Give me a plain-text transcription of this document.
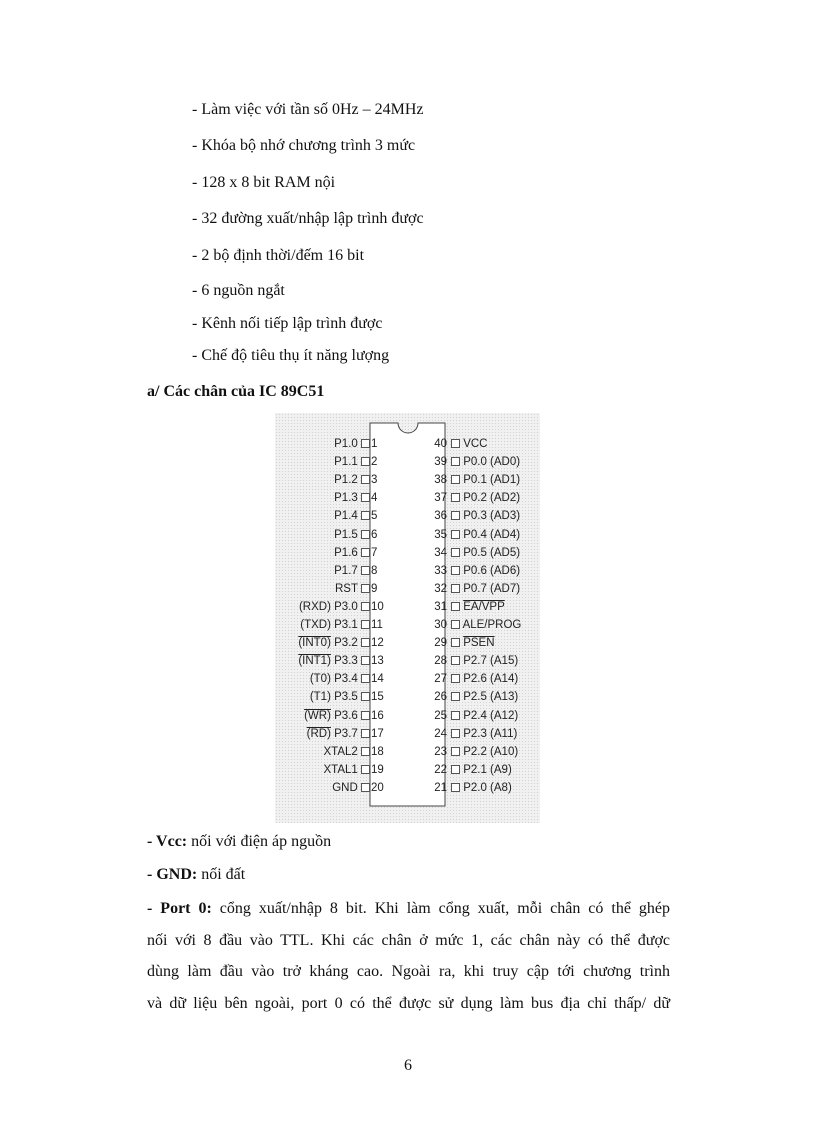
- Làm việc với tần số 0Hz – 24MHz
- Khóa bộ nhớ chương trình 3 mức
- 128 x 8 bit RAM nội
- 32 đường xuất/nhập lập trình được
- 2 bộ định thời/đếm 16 bit
- 6 nguồn ngắt
- Kênh nối tiếp lập trình được
- Chế độ tiêu thụ ít năng lượng
a/ Các chân của IC 89C51
P1.0	1
P1.1	2
P1.2	3
P1.3	4
P1.4	5
P1.5	6
P1.6	7
P1.7	8
RST	9
(RXD) P3.0	10
(TXD) P3.1	11
(INT0) P3.2	12
(INT1) P3.3	13
(T0) P3.4	14
(T1) P3.5	15
(WR) P3.6	16
(RD) P3.7	17
XTAL2	18
XTAL1	19
GND	20
40	VCC
39	P0.0 (AD0)
38	P0.1 (AD1)
37	P0.2 (AD2)
36	P0.3 (AD3)
35	P0.4 (AD4)
34	P0.5 (AD5)
33	P0.6 (AD6)
32	P0.7 (AD7)
31	EA/VPP
30	ALE/PROG
29	PSEN
28	P2.7 (A15)
27	P2.6 (A14)
26	P2.5 (A13)
25	P2.4 (A12)
24	P2.3 (A11)
23	P2.2 (A10)
22	P2.1 (A9)
21	P2.0 (A8)
- Vcc: nối với điện áp nguồn
- GND: nối đất
- Port 0: cổng xuất/nhập 8 bit. Khi làm cổng xuất, mỗi chân có thể ghép
nối với 8 đầu vào TTL. Khi các chân ở mức 1, các chân này có thể được
dùng làm đầu vào trở kháng cao. Ngoài ra, khi truy cập tới chương trình
và dữ liệu bên ngoài, port 0 có thể được sử dụng làm bus địa chỉ thấp/ dữ
6
